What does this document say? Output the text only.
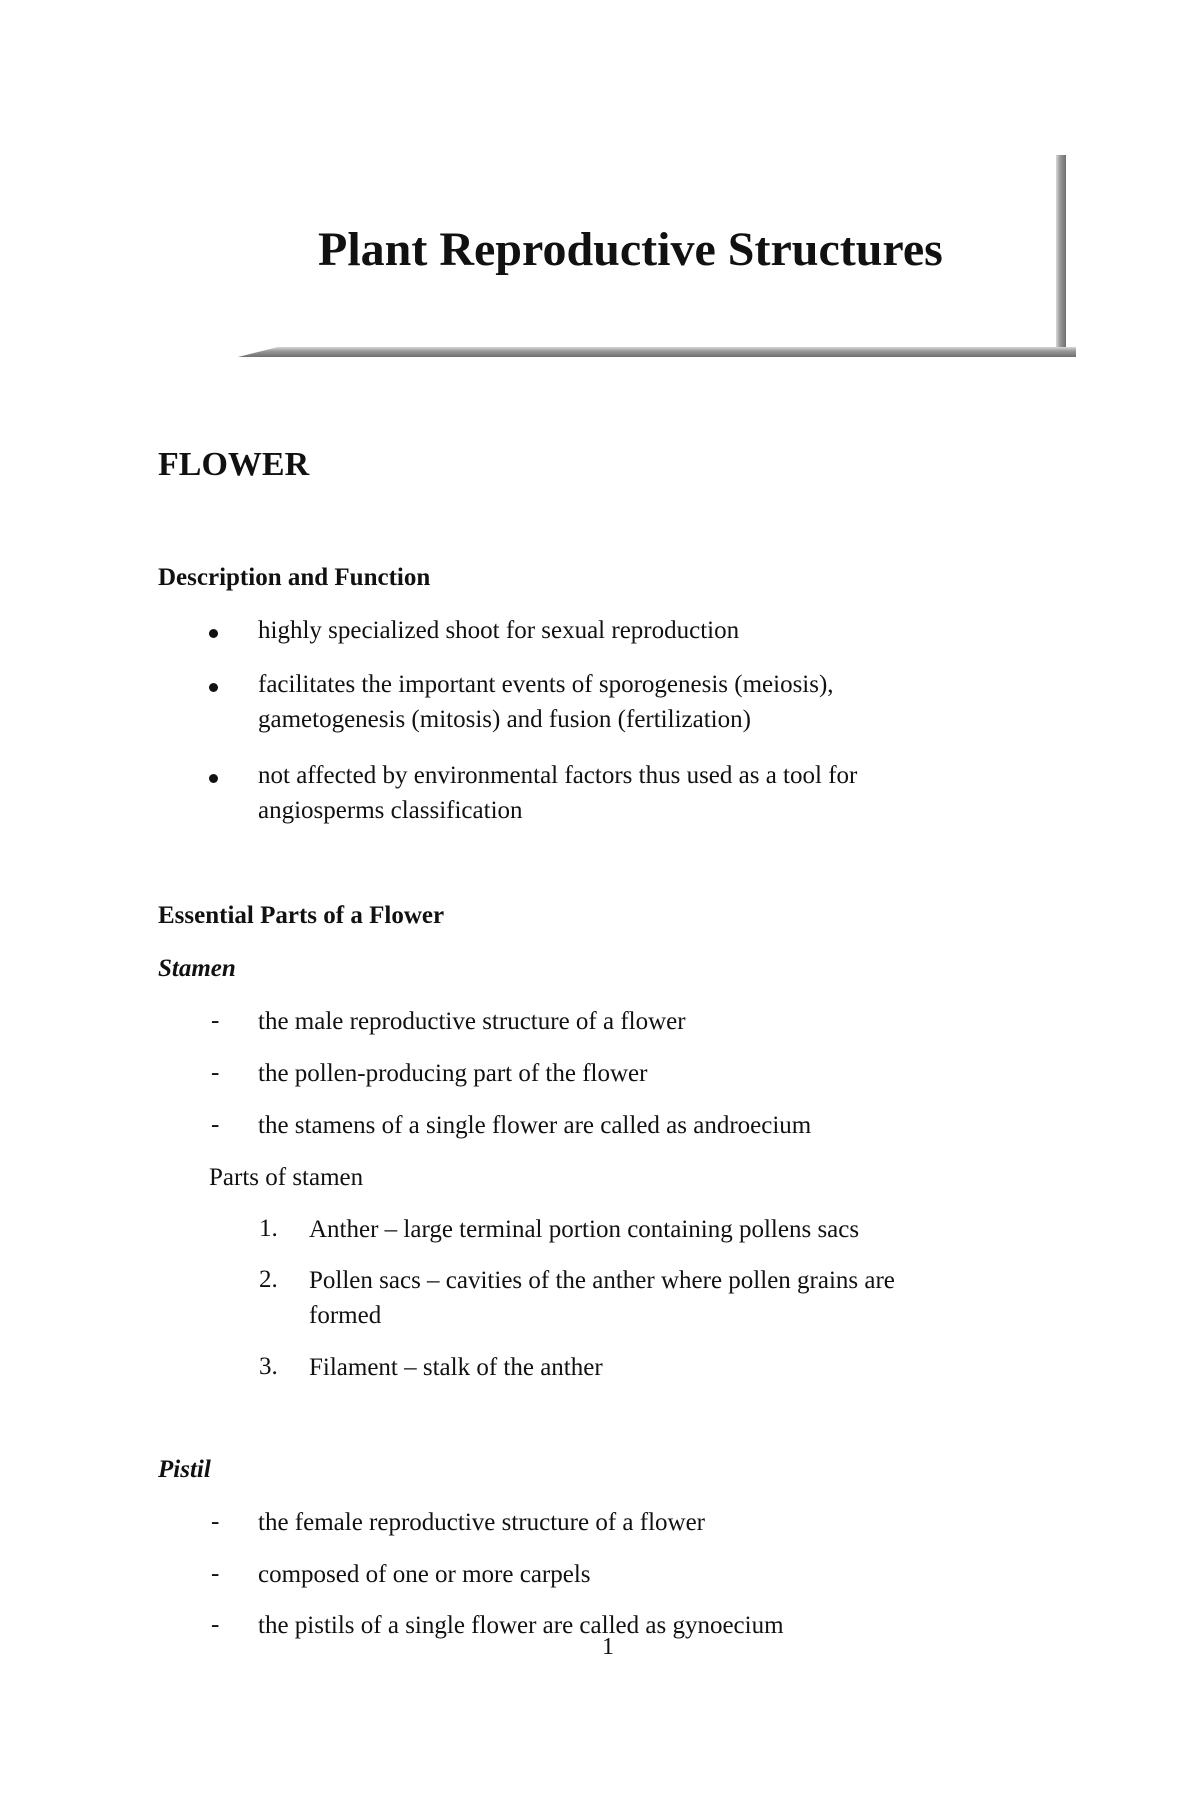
Plant Reproductive Structures
FLOWER
Description and Function

highly specialized shoot for sexual reproduction

facilitates the important events of sporogenesis (meiosis),

gametogenesis (mitosis) and fusion (fertilization)

not affected by environmental factors thus used as a tool for

angiosperms classification

Essential Parts of a Flower
Stamen
- the male reproductive structure of a flower

- the pollen-producing part of the flower

- the stamens of a single flower are called as androecium

Parts of stamen

1. Anther – large terminal portion containing pollens sacs

2. Pollen sacs – cavities of the anther where pollen grains are

formed

3. Filament – stalk of the anther

Pistil
- the female reproductive structure of a flower

- composed of one or more carpels

- the pistils of a single flower are called as gynoecium

1
